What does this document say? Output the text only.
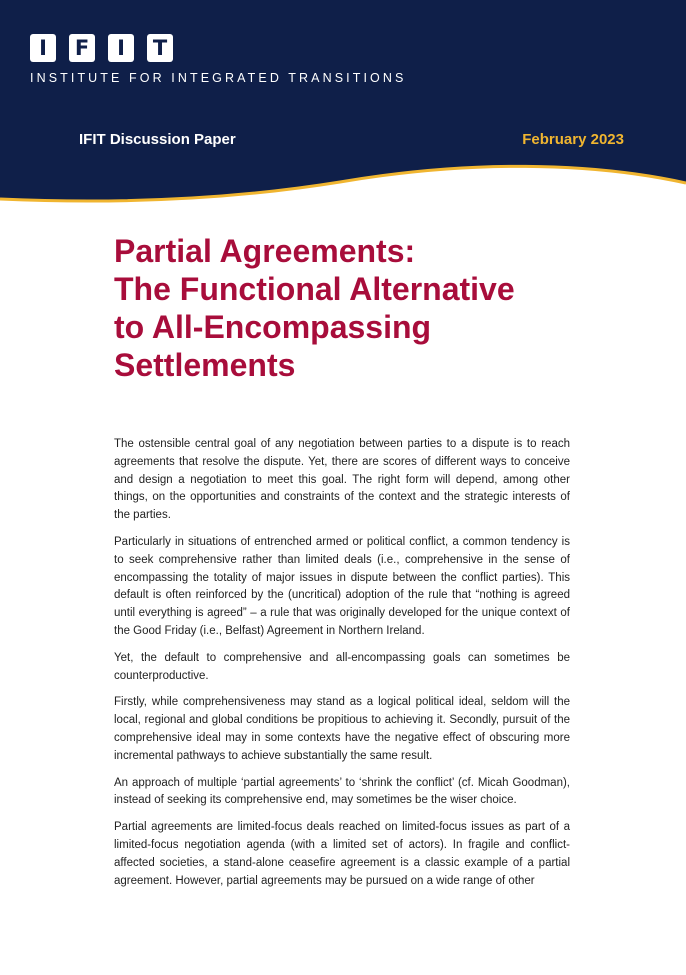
I	F	I	T
INSTITUTE FOR INTEGRATED TRANSITIONS
IFIT Discussion Paper	February 2023
Partial Agreements:
The Functional Alternative
to All-Encompassing
Settlements

The ostensible central goal of any negotiation between parties to a dispute is to reach agreements that resolve the dispute. Yet, there are scores of different ways to conceive and design a negotiation to meet this goal. The right form will depend, among other things, on the opportunities and constraints of the context and the strategic interests of the parties.

Particularly in situations of entrenched armed or political conflict, a common tendency is to seek comprehensive rather than limited deals (i.e., comprehensive in the sense of encompassing the totality of major issues in dispute between the conflict parties). This default is often reinforced by the (uncritical) adoption of the rule that “nothing is agreed until everything is agreed” – a rule that was originally developed for the unique context of the Good Friday (i.e., Belfast) Agreement in Northern Ireland.

Yet, the default to comprehensive and all-encompassing goals can sometimes be counterproductive.

Firstly, while comprehensiveness may stand as a logical political ideal, seldom will the local, regional and global conditions be propitious to achieving it. Secondly, pursuit of the comprehensive ideal may in some contexts have the negative effect of obscuring more incremental pathways to achieve substantially the same result.

An approach of multiple ‘partial agreements’ to ‘shrink the conflict’ (cf. Micah Goodman), instead of seeking its comprehensive end, may sometimes be the wiser choice.

Partial agreements are limited-focus deals reached on limited-focus issues as part of a limited-focus negotiation agenda (with a limited set of actors). In fragile and conflict-affected societies, a stand-alone ceasefire agreement is a classic example of a partial agreement. However, partial agreements may be pursued on a wide range of other
